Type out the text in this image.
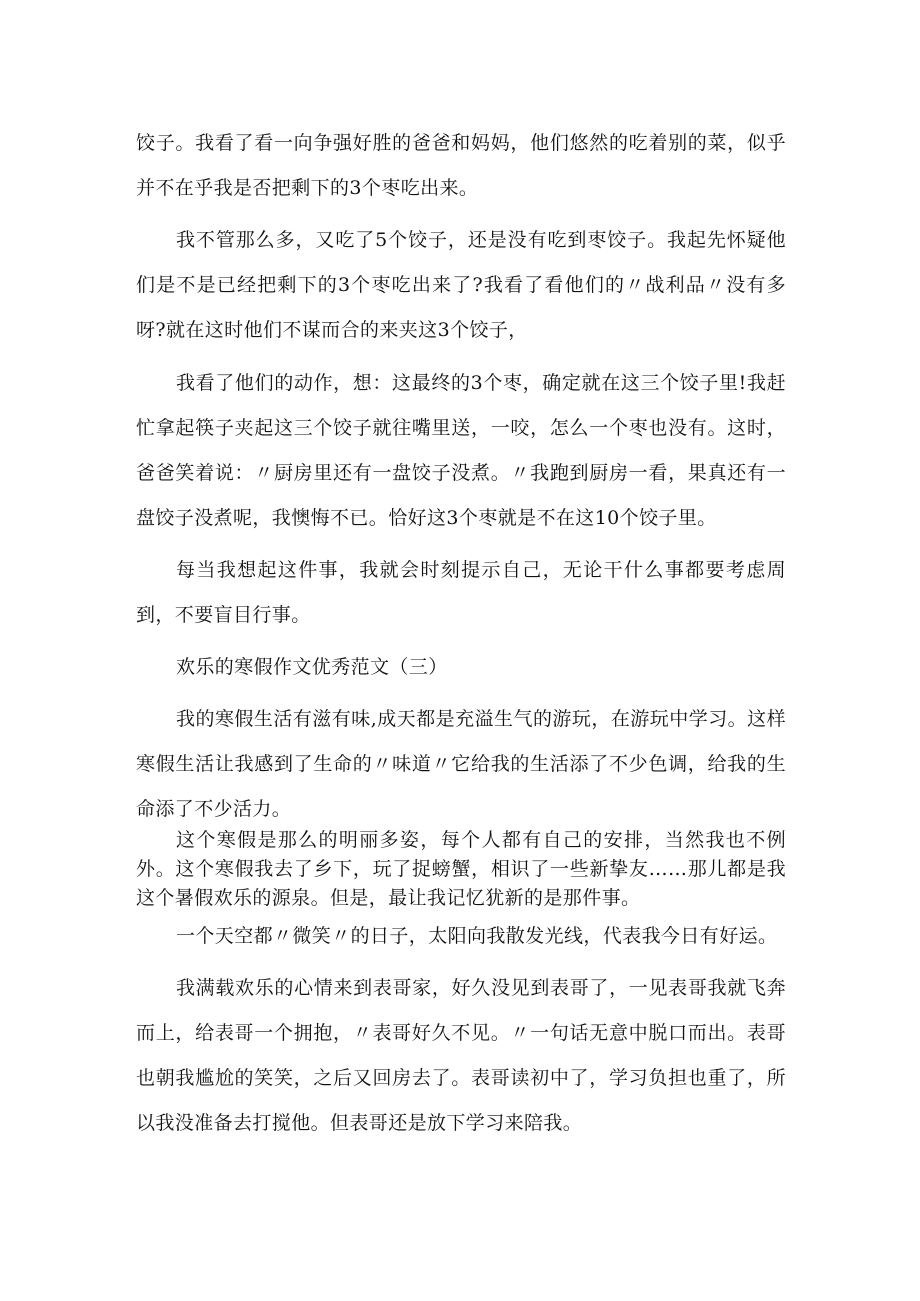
饺子。我看了看一向争强好胜的爸爸和妈妈，他们悠然的吃着别的菜，似乎并不在乎我是否把剩下的3个枣吃出来。

我不管那么多，又吃了5个饺子，还是没有吃到枣饺子。我起先怀疑他们是不是已经把剩下的3个枣吃出来了?我看了看他们的〃战利品〃没有多呀?就在这时他们不谋而合的来夹这3个饺子，

我看了他们的动作，想：这最终的3个枣，确定就在这三个饺子里!我赶忙拿起筷子夹起这三个饺子就往嘴里送，一咬，怎么一个枣也没有。这时，爸爸笑着说：〃厨房里还有一盘饺子没煮。〃我跑到厨房一看，果真还有一盘饺子没煮呢，我懊悔不已。恰好这3个枣就是不在这10个饺子里。

每当我想起这件事，我就会时刻提示自己，无论干什么事都要考虑周到，不要盲目行事。

欢乐的寒假作文优秀范文（三）

我的寒假生活有滋有味,成天都是充溢生气的游玩，在游玩中学习。这样寒假生活让我感到了生命的〃味道〃它给我的生活添了不少色调，给我的生命添了不少活力。

这个寒假是那么的明丽多姿，每个人都有自己的安排，当然我也不例外。这个寒假我去了乡下，玩了捉螃蟹，相识了一些新挚友……那儿都是我这个暑假欢乐的源泉。但是，最让我记忆犹新的是那件事。

一个天空都〃微笑〃的日子，太阳向我散发光线，代表我今日有好运。

我满载欢乐的心情来到表哥家，好久没见到表哥了，一见表哥我就飞奔而上，给表哥一个拥抱，〃表哥好久不见。〃一句话无意中脱口而出。表哥也朝我尴尬的笑笑，之后又回房去了。表哥读初中了，学习负担也重了，所以我没准备去打搅他。但表哥还是放下学习来陪我。
